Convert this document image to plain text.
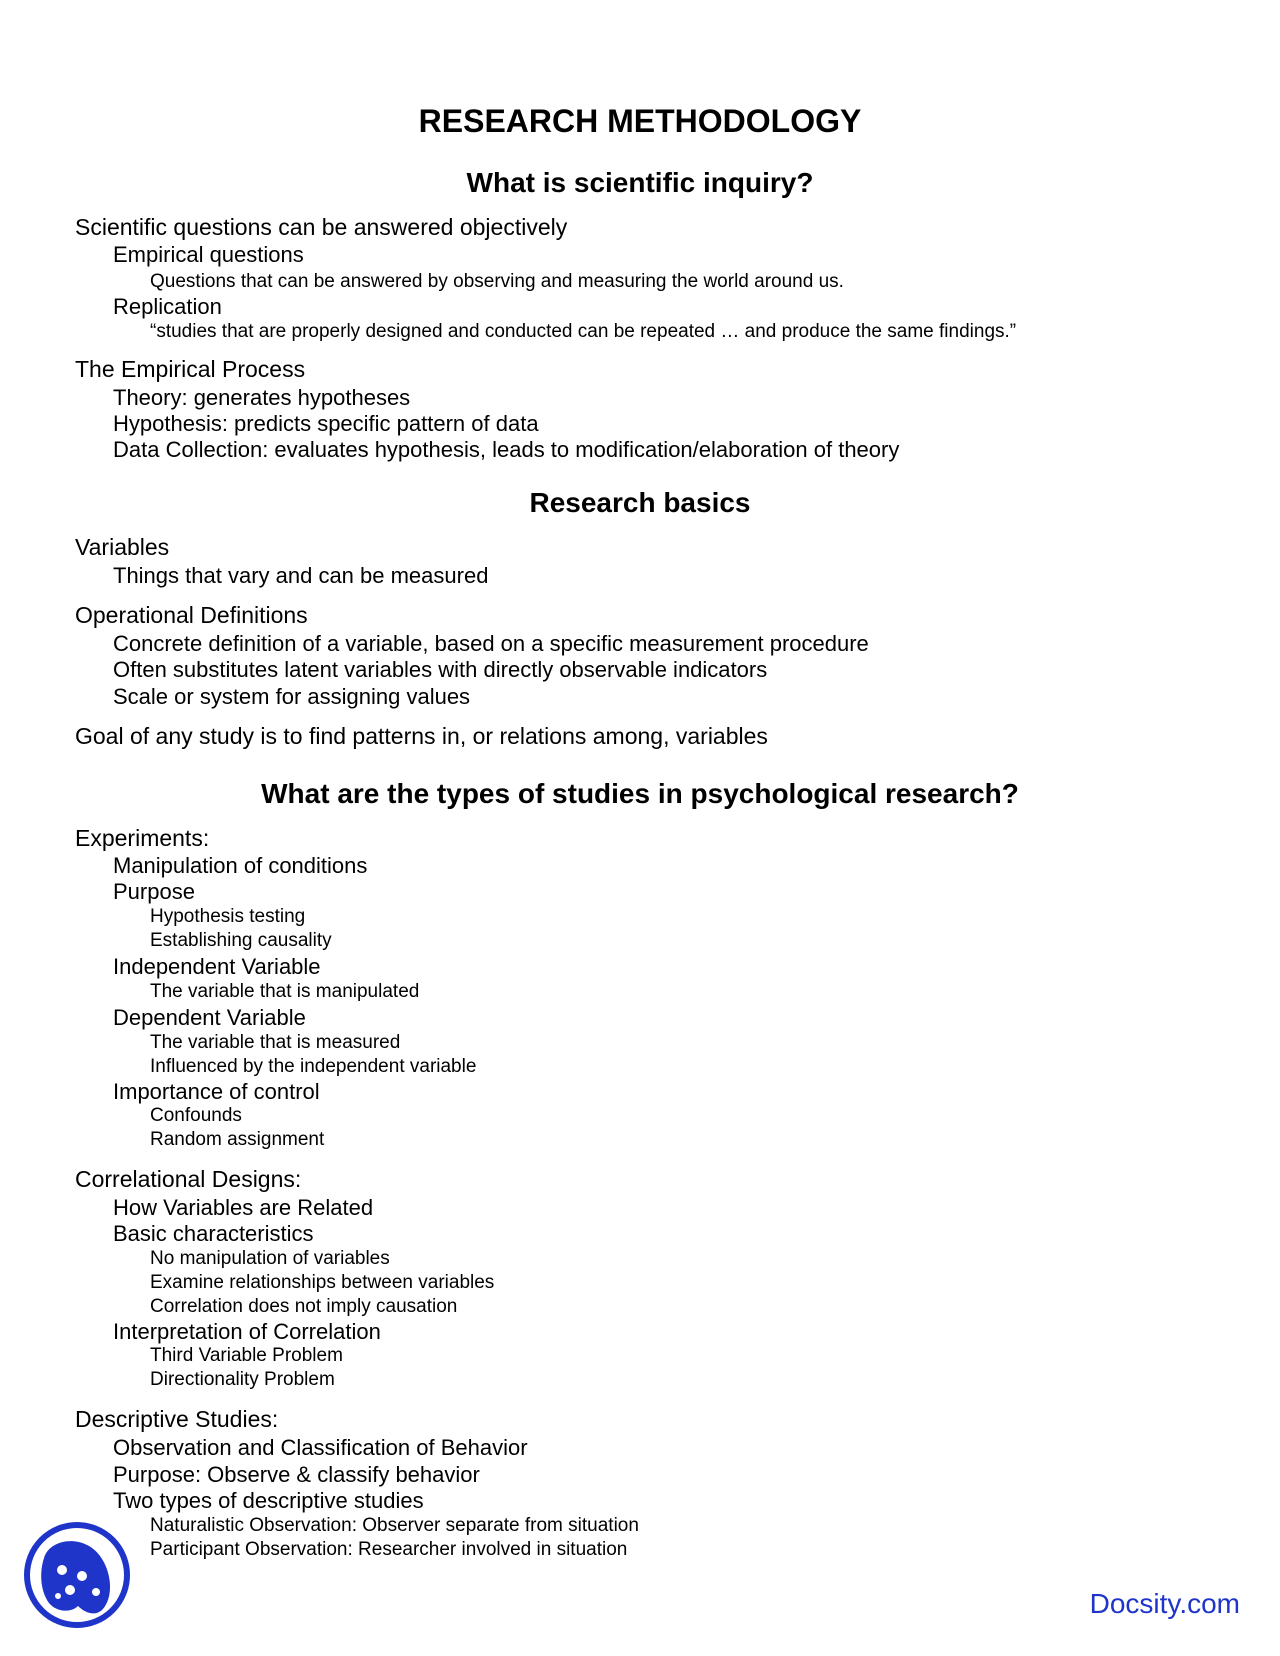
RESEARCH METHODOLOGY
What is scientific inquiry?
Scientific questions can be answered objectively
Empirical questions
Questions that can be answered by observing and measuring the world around us.
Replication
“studies that are properly designed and conducted can be repeated … and produce the same findings.”
The Empirical Process
Theory: generates hypotheses
Hypothesis: predicts specific pattern of data
Data Collection: evaluates hypothesis, leads to modification/elaboration of theory
Research basics
Variables
Things that vary and can be measured
Operational Definitions
Concrete definition of a variable, based on a specific measurement procedure
Often substitutes latent variables with directly observable indicators
Scale or system for assigning values
Goal of any study is to find patterns in, or relations among, variables
What are the types of studies in psychological research?
Experiments:
Manipulation of conditions
Purpose
Hypothesis testing
Establishing causality
Independent Variable
The variable that is manipulated
Dependent Variable
The variable that is measured
Influenced by the independent variable
Importance of control
Confounds
Random assignment
Correlational Designs:
How Variables are Related
Basic characteristics
No manipulation of variables
Examine relationships between variables
Correlation does not imply causation
Interpretation of Correlation
Third Variable Problem
Directionality Problem
Descriptive Studies:
Observation and Classification of Behavior
Purpose: Observe & classify behavior
Two types of descriptive studies
Naturalistic Observation: Observer separate from situation
Participant Observation: Researcher involved in situation
Docsity.com
